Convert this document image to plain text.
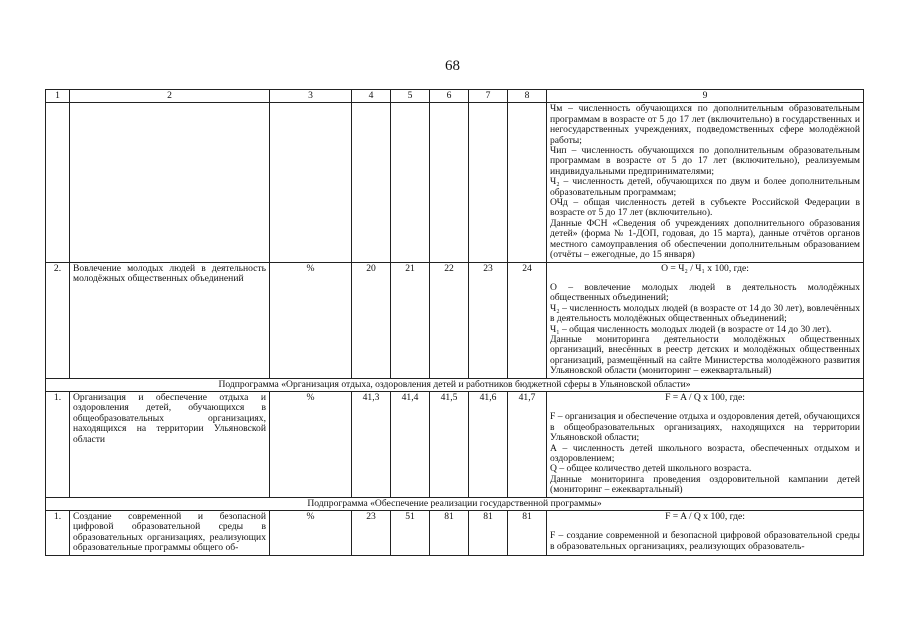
68
1	2	3	4	5	6	7	8	9

								Чм – численность обучающихся по дополнительным образовательным программам в возрасте от 5 до 17 лет (включительно) в государственных и негосударственных учреждениях, подведомственных сфере молодёжной работы;

Чип – численность обучающихся по дополнительным образовательным программам в возрасте от 5 до 17 лет (включительно), реализуемым индивидуальными предпринимателями;

Ч₂ – численность детей, обучающихся по двум и более дополнительным образовательным программам;

ОЧд – общая численность детей в субъекте Российской Федерации в возрасте от 5 до 17 лет (включительно).

Данные ФСН «Сведения об учреждениях дополнительного образования детей» (форма № 1-ДОП, годовая, до 15 марта), данные отчётов органов местного самоуправления об обеспечении дополнительным образованием (отчёты – ежегодные, до 15 января)

2.	Вовлечение молодых людей в деятельность молодёжных общественных объединений	%	20	21	22	23	24	О = Ч₂ / Ч₁ х 100, где:

О – вовлечение молодых людей в деятельность молодёжных общественных объединений;

Ч₂ – численность молодых людей (в возрасте от 14 до 30 лет), вовлечённых в деятельность молодёжных общественных объединений;

Ч₁ – общая численность молодых людей (в возрасте от 14 до 30 лет).

Данные мониторинга деятельности молодёжных общественных организаций, внесённых в реестр детских и молодёжных общественных организаций, размещённый на сайте Министерства молодёжного развития Ульяновской области (мониторинг – ежеквартальный)

Подпрограмма «Организация отдыха, оздоровления детей и работников бюджетной сферы в Ульяновской области»								
1.	Организация и обеспечение отдыха и оздоровления детей, обучающихся в общеобразовательных организациях, находящихся на территории Ульяновской области	%	41,3	41,4	41,5	41,6	41,7	F = A / Q х 100, где:

F – организация и обеспечение отдыха и оздоровления детей, обучающихся в общеобразовательных организациях, находящихся на территории Ульяновской области;

А – численность детей школьного возраста, обеспеченных отдыхом и оздоровлением;

Q – общее количество детей школьного возраста.

Данные мониторинга проведения оздоровительной кампании детей (мониторинг – ежеквартальный)

Подпрограмма «Обеспечение реализации государственной программы»								
1.	Создание современной и безопасной цифровой образовательной среды в образовательных организациях, реализующих образовательные программы общего об-	%	23	51	81	81	81	F = A / Q х 100, где:

F – создание современной и безопасной цифровой образовательной среды в образовательных организациях, реализующих образователь-
